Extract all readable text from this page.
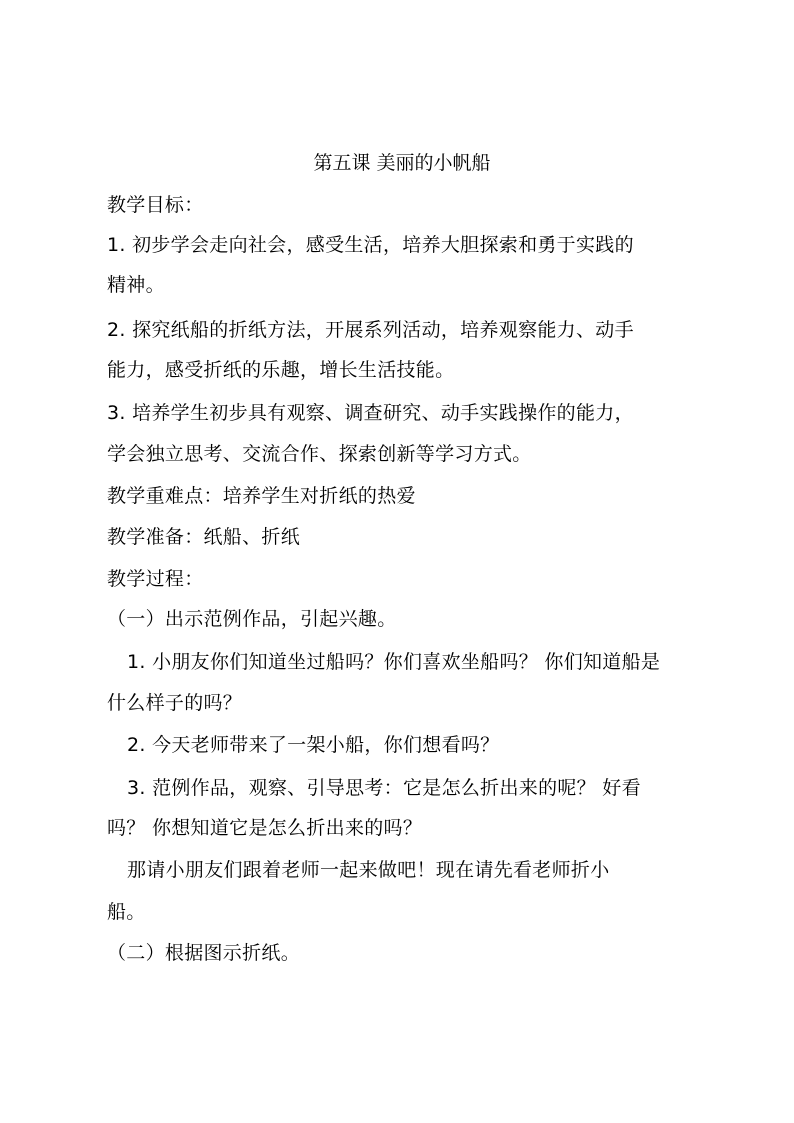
第五课 美丽的小帆船
教学目标：
1. 初步学会走向社会，感受生活，培养大胆探索和勇于实践的
精神。
2. 探究纸船的折纸方法，开展系列活动，培养观察能力、动手
能力，感受折纸的乐趣，增长生活技能。
3. 培养学生初步具有观察、调查研究、动手实践操作的能力，
学会独立思考、交流合作、探索创新等学习方式。
教学重难点：培养学生对折纸的热爱
教学准备：纸船、折纸
教学过程：
（一）出示范例作品，引起兴趣。
1. 小朋友你们知道坐过船吗？你们喜欢坐船吗？ 你们知道船是
什么样子的吗？
2. 今天老师带来了一架小船，你们想看吗？
3. 范例作品，观察、引导思考：它是怎么折出来的呢？ 好看
吗？ 你想知道它是怎么折出来的吗？
那请小朋友们跟着老师一起来做吧！现在请先看老师折小
船。
（二）根据图示折纸。
